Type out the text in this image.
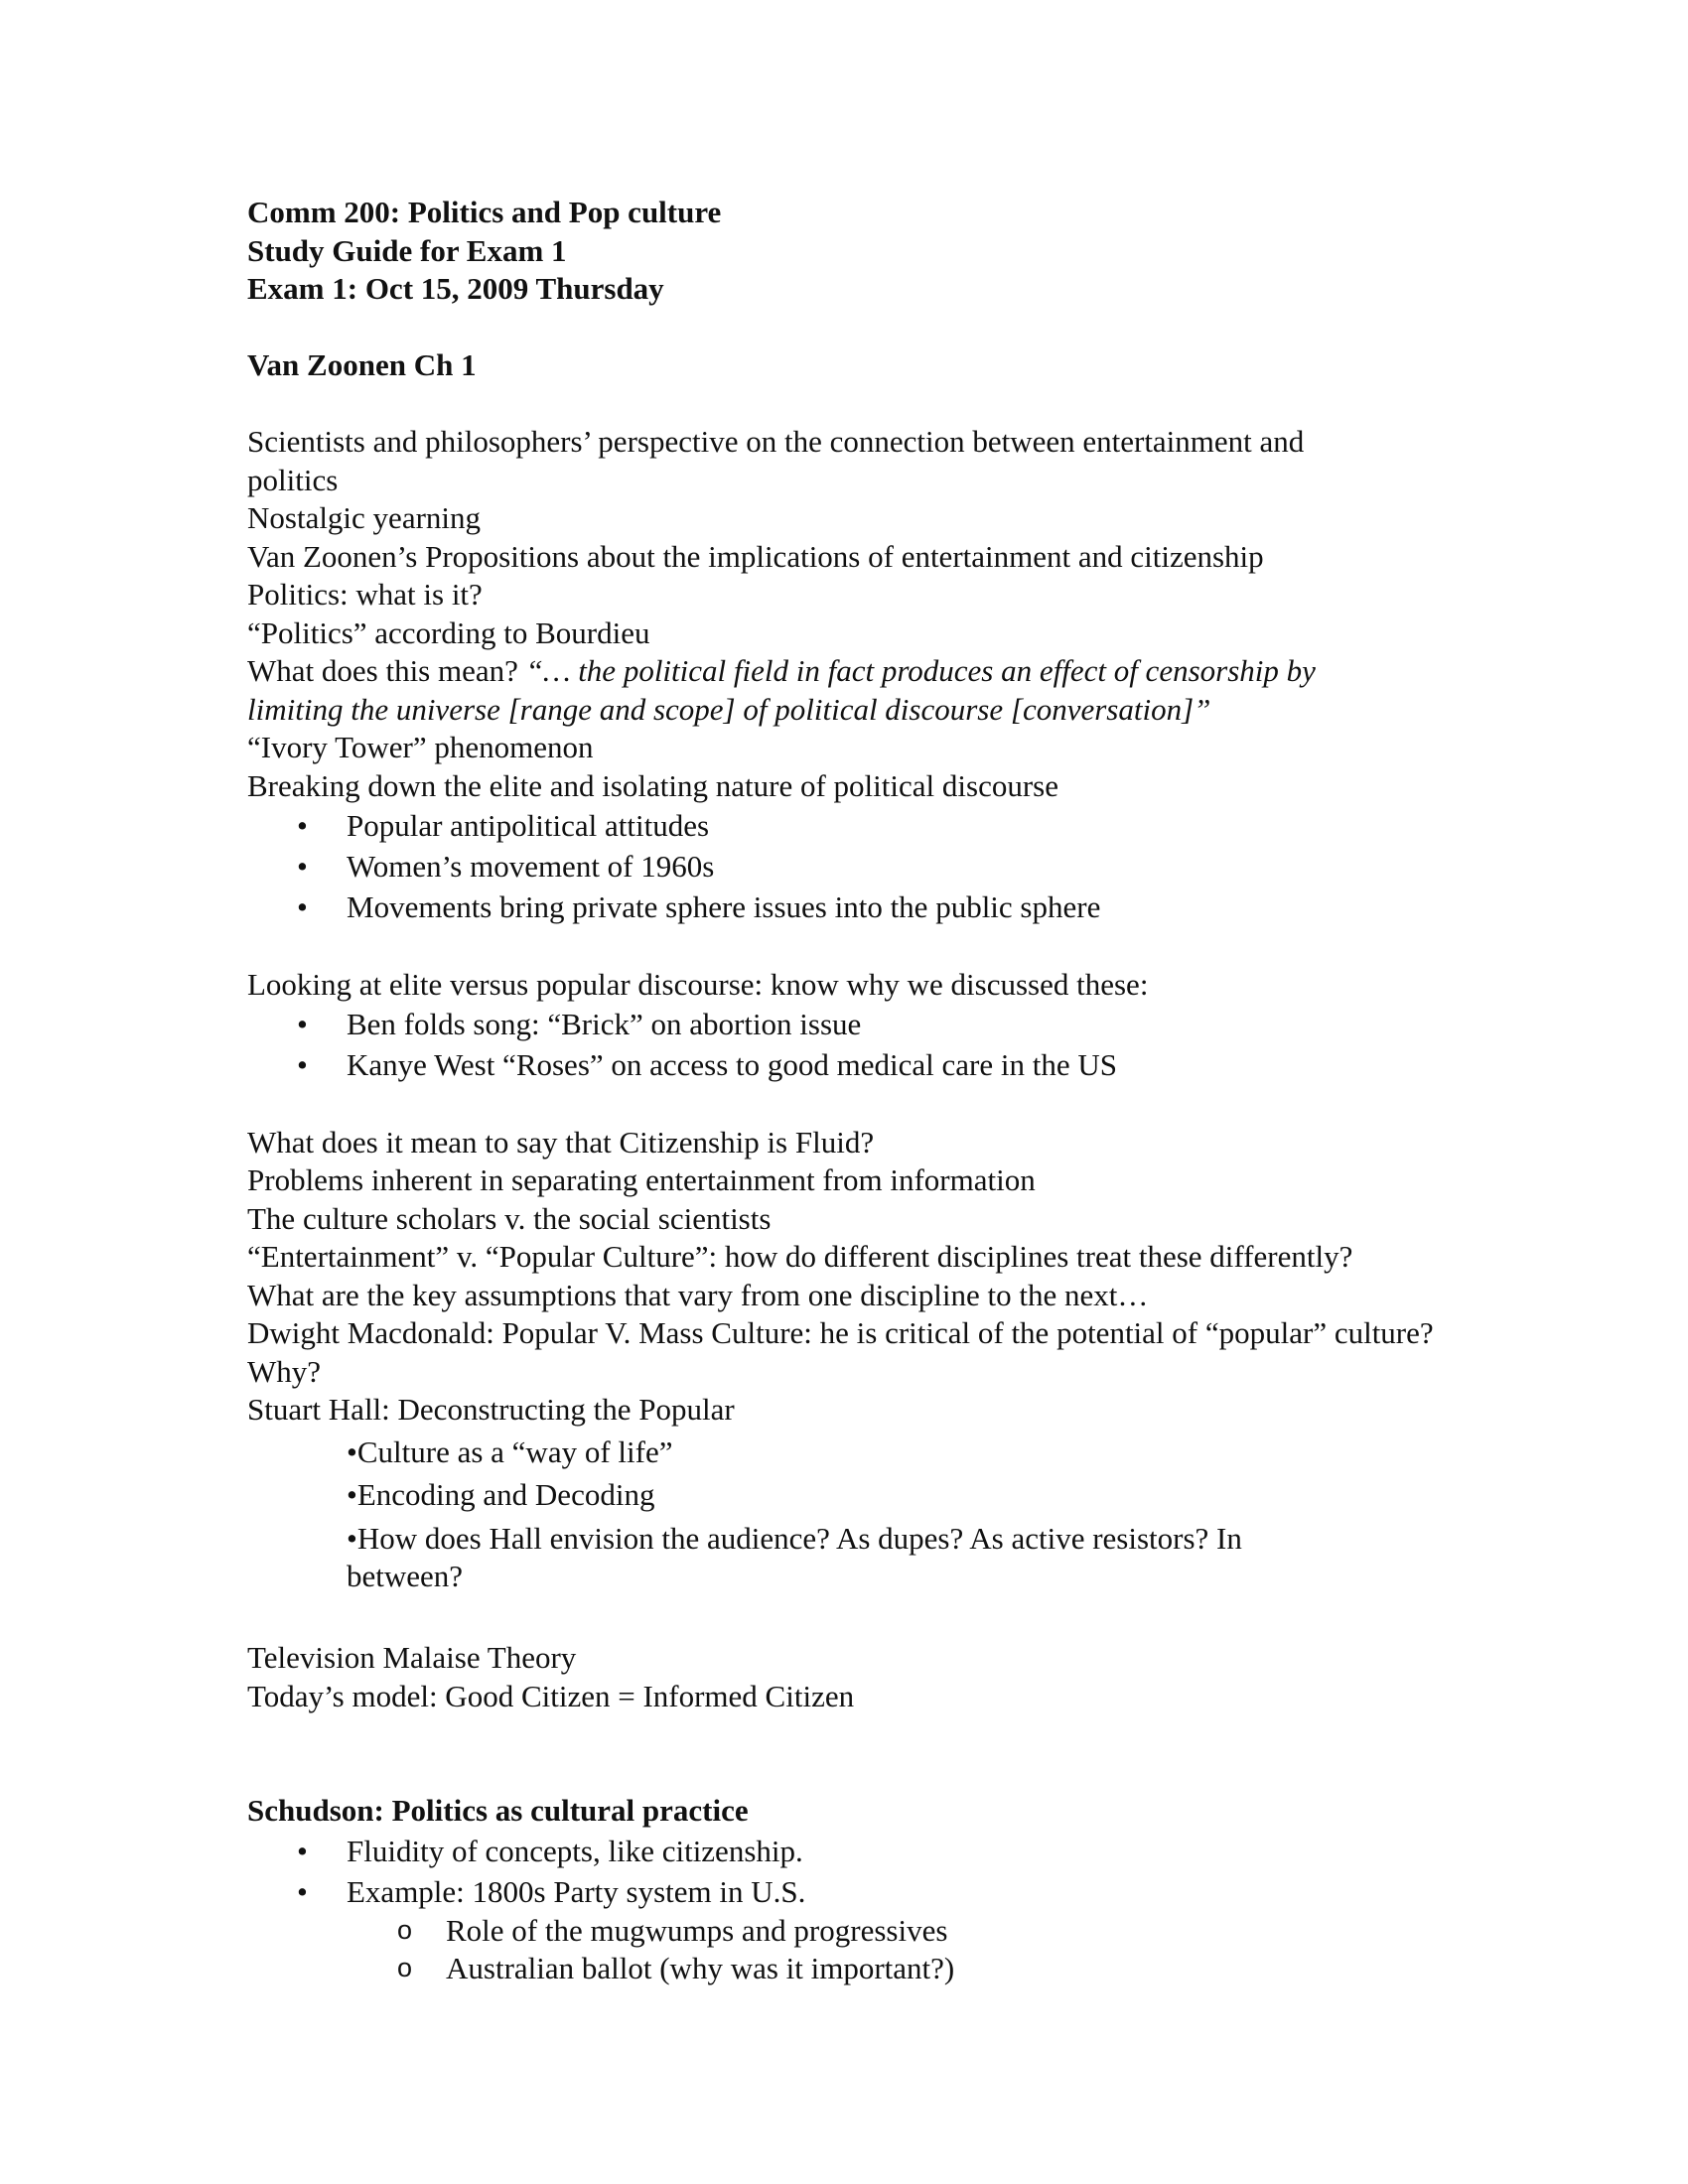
Comm 200: Politics and Pop culture
Study Guide for Exam 1
Exam 1: Oct 15, 2009 Thursday
Van Zoonen Ch 1
Scientists and philosophers’ perspective on the connection between entertainment and politics
Nostalgic yearning
Van Zoonen’s Propositions about the implications of entertainment and citizenship
Politics: what is it?
“Politics” according to Bourdieu
What does this mean? “… the political field in fact produces an effect of censorship by limiting the universe [range and scope] of political discourse [conversation]”
“Ivory Tower” phenomenon
Breaking down the elite and isolating nature of political discourse
• Popular antipolitical attitudes
• Women’s movement of 1960s
• Movements bring private sphere issues into the public sphere
Looking at elite versus popular discourse: know why we discussed these:
• Ben folds song: “Brick” on abortion issue
• Kanye West “Roses” on access to good medical care in the US
What does it mean to say that Citizenship is Fluid?
Problems inherent in separating entertainment from information
The culture scholars v. the social scientists
“Entertainment” v. “Popular Culture”: how do different disciplines treat these differently? What are the key assumptions that vary from one discipline to the next…
Dwight Macdonald: Popular V. Mass Culture: he is critical of the potential of “popular” culture? Why?
Stuart Hall: Deconstructing the Popular
•Culture as a “way of life”
•Encoding and Decoding
•How does Hall envision the audience? As dupes? As active resistors? In between?
Television Malaise Theory
Today’s model: Good Citizen = Informed Citizen
Schudson: Politics as cultural practice
• Fluidity of concepts, like citizenship.
• Example: 1800s Party system in U.S.
o Role of the mugwumps and progressives
o Australian ballot (why was it important?)
